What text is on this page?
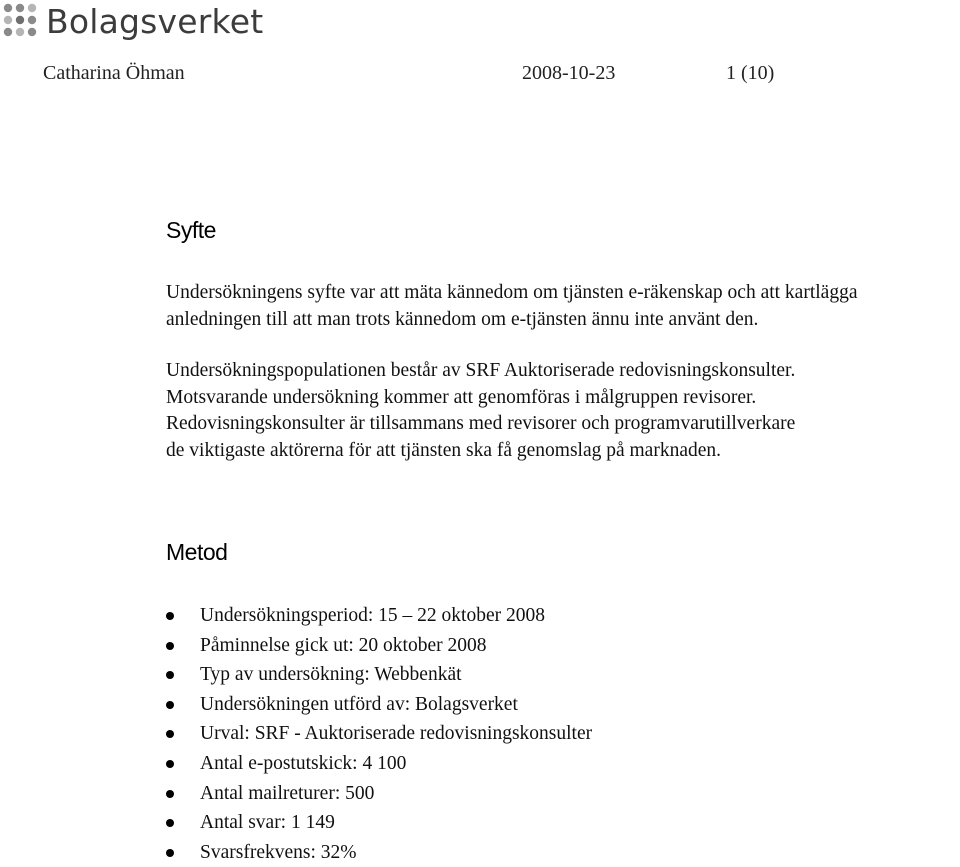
Bolagsverket
Catharina Öhman	2008-10-23	1 (10)
Syfte
Undersökningens syfte var att mäta kännedom om tjänsten e-räkenskap och att kartlägga
anledningen till att man trots kännedom om e-tjänsten ännu inte använt den.
Undersökningspopulationen består av SRF Auktoriserade redovisningskonsulter.
Motsvarande undersökning kommer att genomföras i målgruppen revisorer.
Redovisningskonsulter är tillsammans med revisorer och programvarutillverkare
de viktigaste aktörerna för att tjänsten ska få genomslag på marknaden.
Metod
Undersökningsperiod: 15 – 22 oktober 2008
Påminnelse gick ut: 20 oktober 2008
Typ av undersökning: Webbenkät
Undersökningen utförd av: Bolagsverket
Urval: SRF - Auktoriserade redovisningskonsulter
Antal e-postutskick: 4 100
Antal mailreturer: 500
Antal svar: 1 149
Svarsfrekvens: 32%
